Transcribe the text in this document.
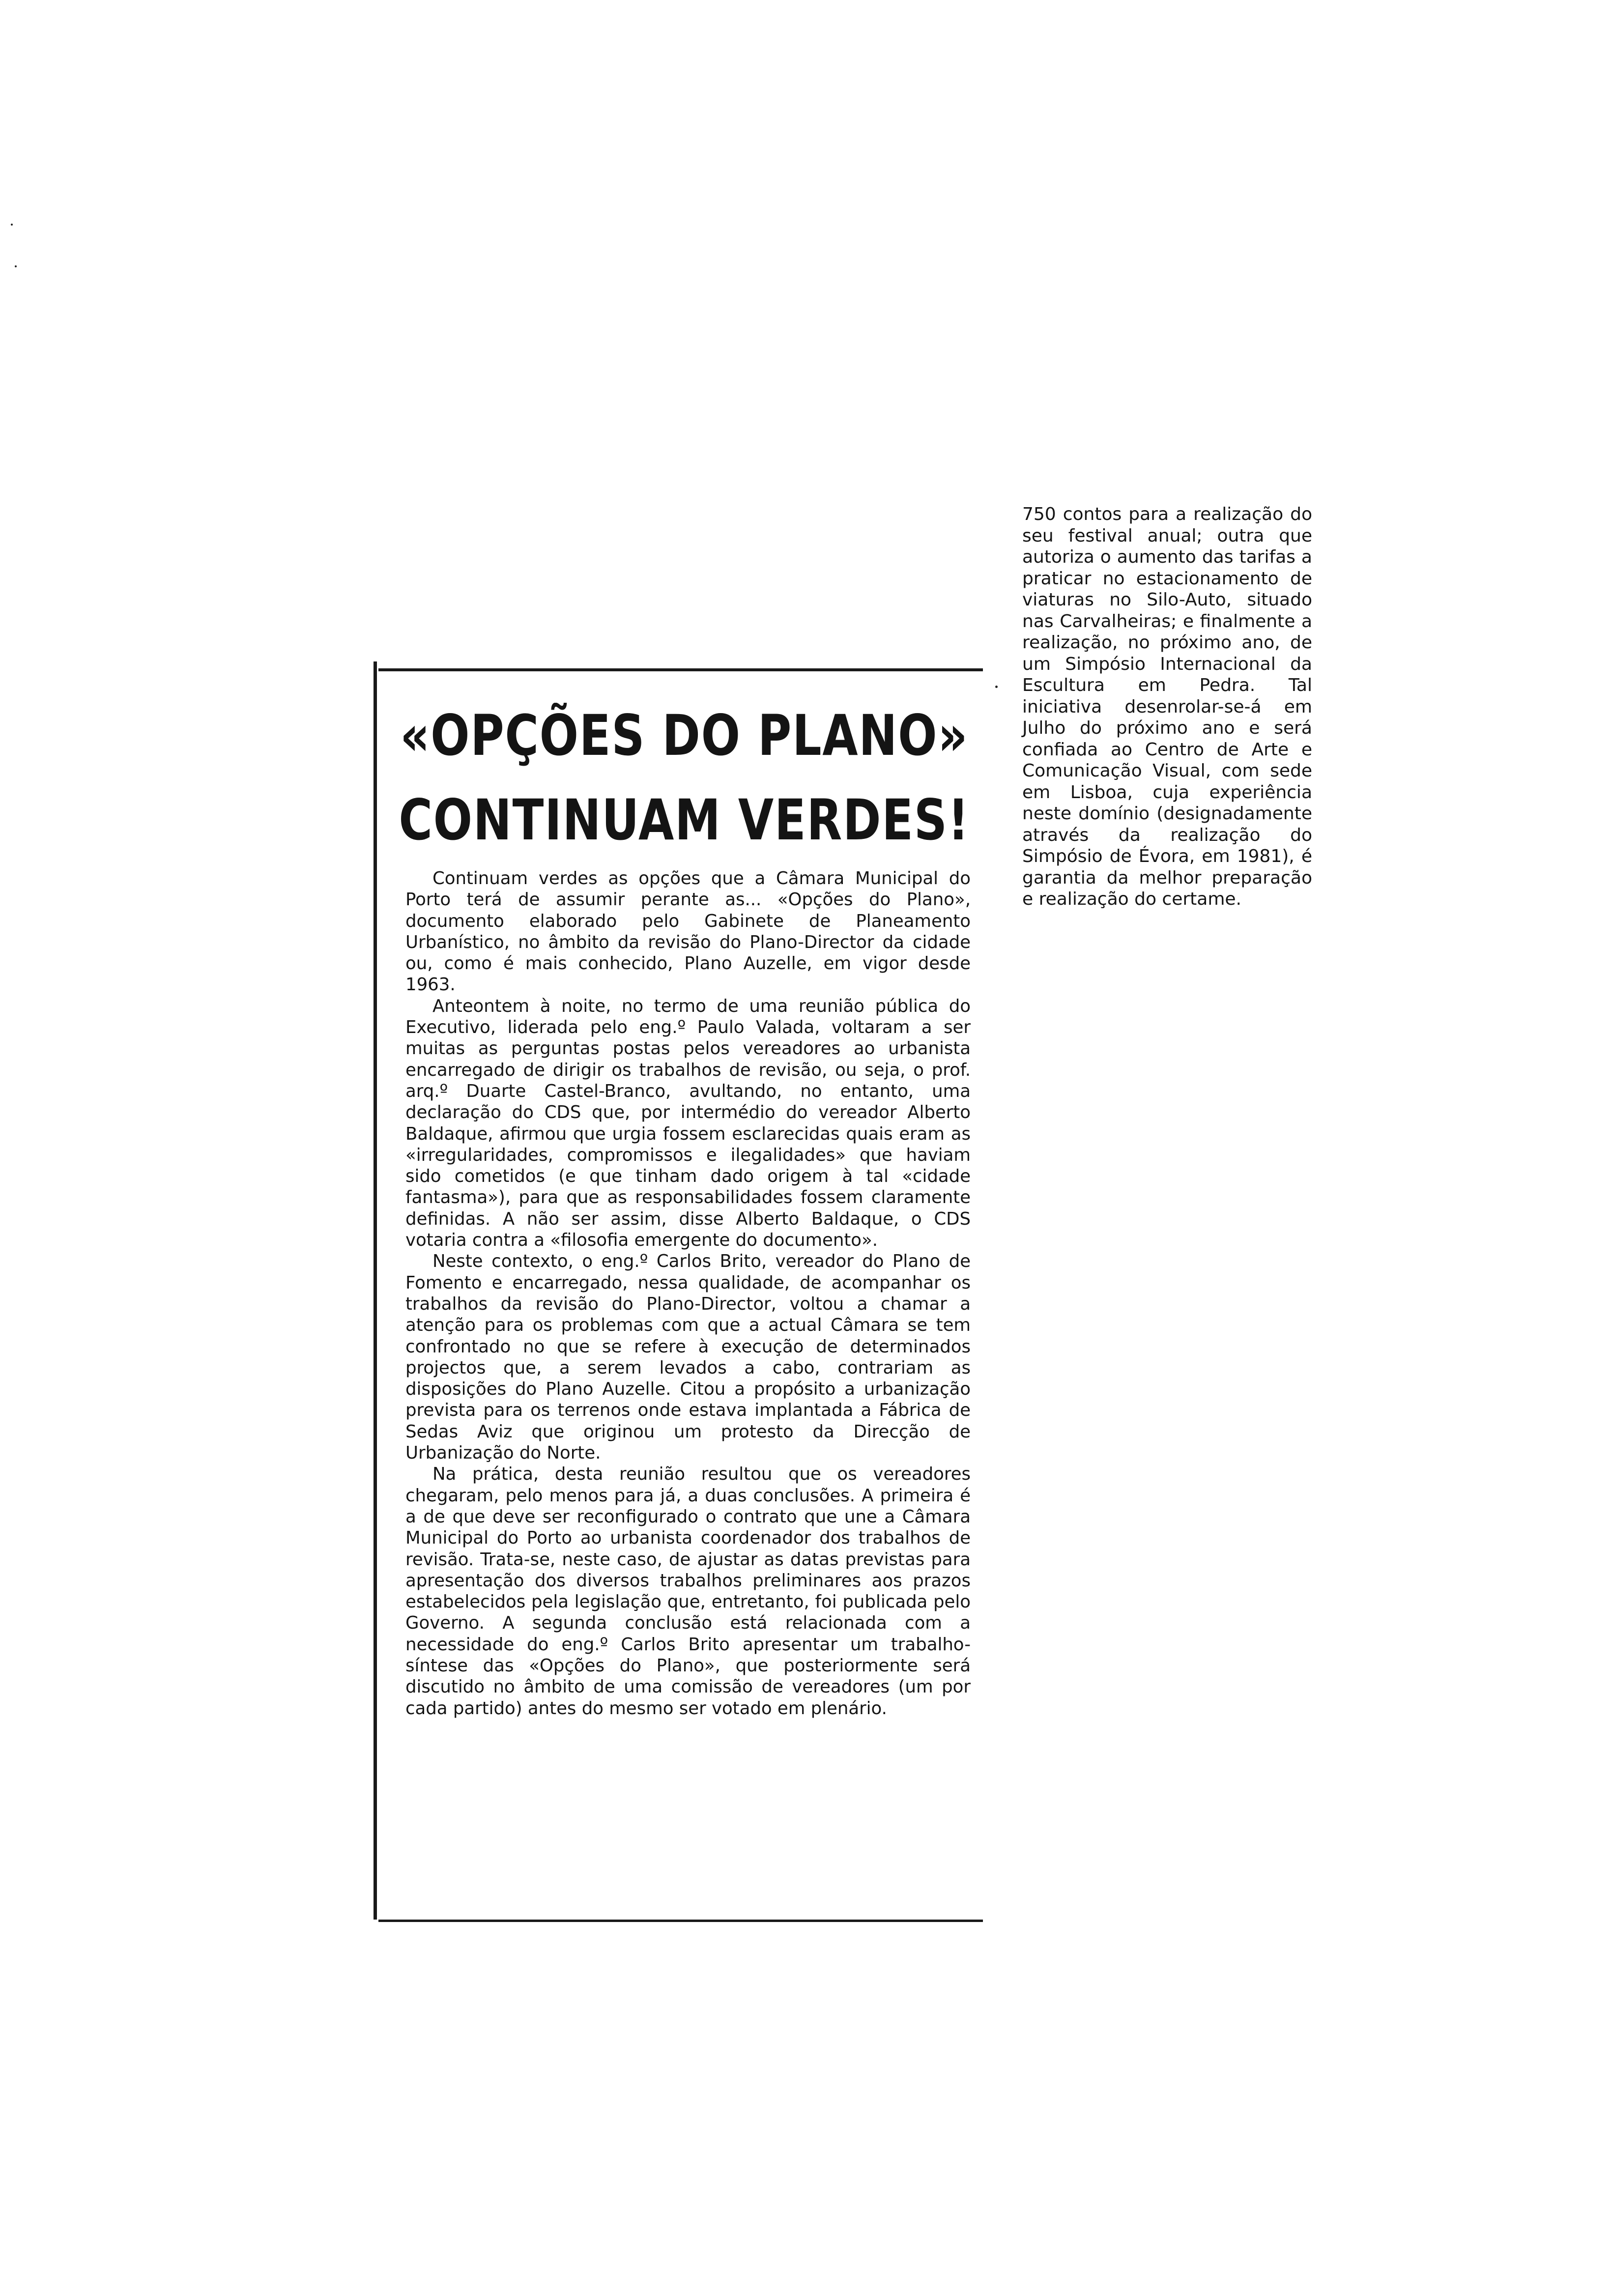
«OPÇÕES DO PLANO»
CONTINUAM VERDES!

Continuam verdes as opções que a Câmara Municipal do Porto terá de assumir perante as... «Opções do Plano», documento elaborado pelo Gabinete de Planeamento Urbanístico, no âmbito da revisão do Plano-Director da cidade ou, como é mais conhecido, Plano Auzelle, em vigor desde 1963.

Anteontem à noite, no termo de uma reunião pública do Executivo, liderada pelo eng.º Paulo Valada, voltaram a ser muitas as perguntas postas pelos vereadores ao urbanista encarregado de dirigir os trabalhos de revisão, ou seja, o prof. arq.º Duarte Castel-Branco, avultando, no entanto, uma declaração do CDS que, por intermédio do vereador Alberto Baldaque, afirmou que urgia fossem esclarecidas quais eram as «irregularidades, compromissos e ilegalidades» que haviam sido cometidos (e que tinham dado origem à tal «cidade fantasma»), para que as responsabilidades fossem claramente definidas. A não ser assim, disse Alberto Baldaque, o CDS votaria contra a «filosofia emergente do documento».

Neste contexto, o eng.º Carlos Brito, vereador do Plano de Fomento e encarregado, nessa qualidade, de acompanhar os trabalhos da revisão do Plano-Director, voltou a chamar a atenção para os problemas com que a actual Câmara se tem confrontado no que se refere à execução de determinados projectos que, a serem levados a cabo, contrariam as disposições do Plano Auzelle. Citou a propósito a urbanização prevista para os terrenos onde estava implantada a Fábrica de Sedas Aviz que originou um protesto da Direcção de Urbanização do Norte.

Na prática, desta reunião resultou que os vereadores chegaram, pelo menos para já, a duas conclusões. A primeira é a de que deve ser reconfigurado o contrato que une a Câmara Municipal do Porto ao urbanista coordenador dos trabalhos de revisão. Trata-se, neste caso, de ajustar as datas previstas para apresentação dos diversos trabalhos preliminares aos prazos estabelecidos pela legislação que, entretanto, foi publicada pelo Governo. A segunda conclusão está relacionada com a necessidade do eng.º Carlos Brito apresentar um trabalho-síntese das «Opções do Plano», que posteriormente será discutido no âmbito de uma comissão de vereadores (um por cada partido) antes do mesmo ser votado em plenário.

750 contos para a realização do seu festival anual; outra que autoriza o aumento das tarifas a praticar no estacionamento de viaturas no Silo-Auto, situado nas Carvalheiras; e finalmente a realização, no próximo ano, de um Simpósio Internacional da Escultura em Pedra. Tal iniciativa desenrolar-se-á em Julho do próximo ano e será confiada ao Centro de Arte e Comunicação Visual, com sede em Lisboa, cuja experiência neste domínio (designadamente através da realização do Simpósio de Évora, em 1981), é garantia da melhor preparação e realização do certame.
